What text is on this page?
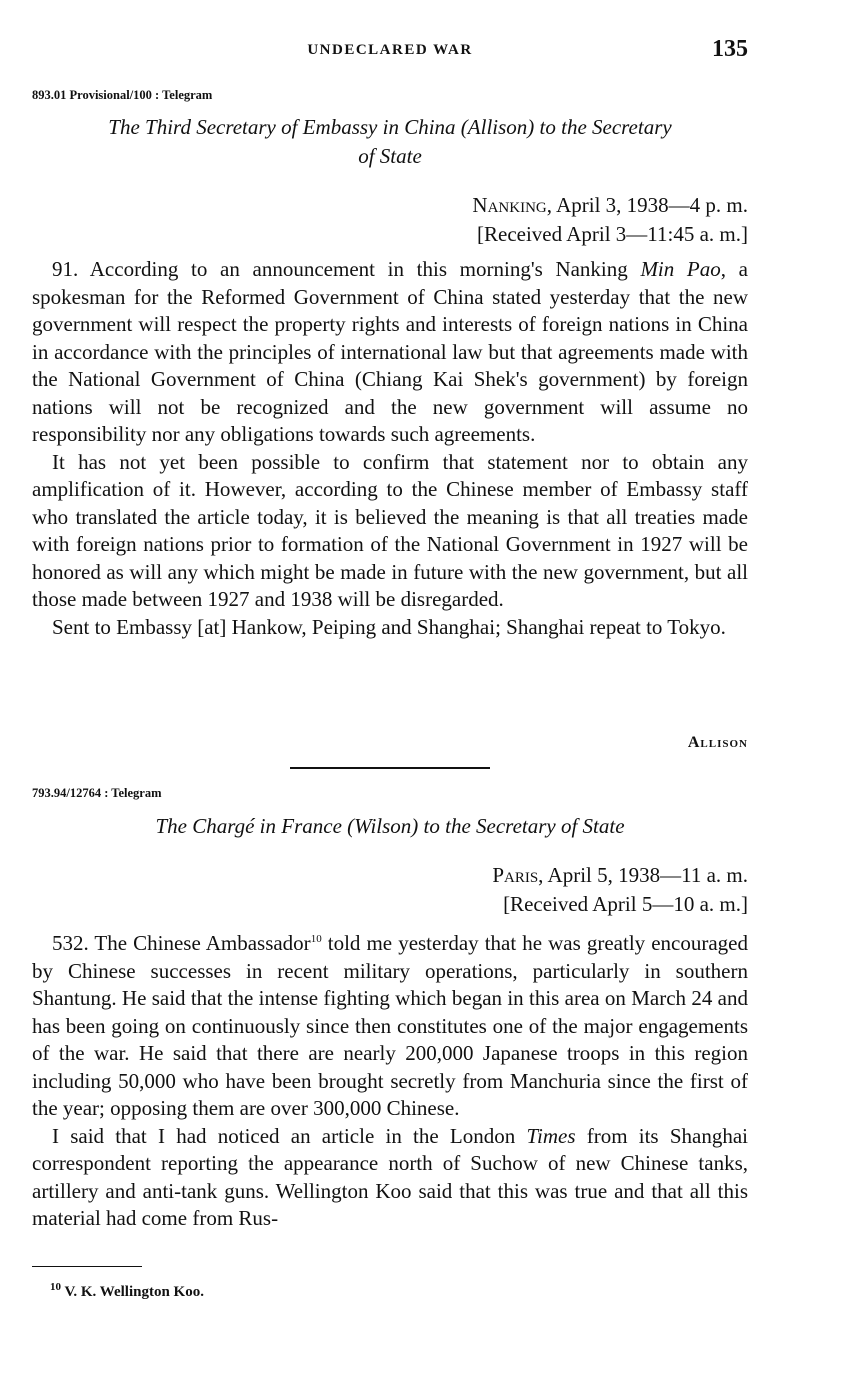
UNDECLARED WAR	135
893.01 Provisional/100 : Telegram
The Third Secretary of Embassy in China (Allison) to the Secretary
of State
Nanking, April 3, 1938—4 p. m.
[Received April 3—11:45 a. m.]

91. According to an announcement in this morning's Nanking Min Pao, a spokesman for the Reformed Government of China stated yesterday that the new government will respect the property rights and interests of foreign nations in China in accordance with the principles of international law but that agreements made with the National Government of China (Chiang Kai Shek's government) by foreign nations will not be recognized and the new government will assume no responsibility nor any obligations towards such agreements.

It has not yet been possible to confirm that statement nor to obtain any amplification of it. However, according to the Chinese member of Embassy staff who translated the article today, it is believed the meaning is that all treaties made with foreign nations prior to formation of the National Government in 1927 will be honored as will any which might be made in future with the new government, but all those made between 1927 and 1938 will be disregarded.

Sent to Embassy [at] Hankow, Peiping and Shanghai; Shanghai repeat to Tokyo.

Allison
793.94/12764 : Telegram
The Chargé in France (Wilson) to the Secretary of State
Paris, April 5, 1938—11 a. m.
[Received April 5—10 a. m.]

532. The Chinese Ambassador$^{10}$ told me yesterday that he was greatly encouraged by Chinese successes in recent military operations, particularly in southern Shantung. He said that the intense fighting which began in this area on March 24 and has been going on continuously since then constitutes one of the major engagements of the war. He said that there are nearly 200,000 Japanese troops in this region including 50,000 who have been brought secretly from Manchuria since the first of the year; opposing them are over 300,000 Chinese.

I said that I had noticed an article in the London Times from its Shanghai correspondent reporting the appearance north of Suchow of new Chinese tanks, artillery and anti-tank guns. Wellington Koo said that this was true and that all this material had come from Rus-

$^{10}$ V. K. Wellington Koo.
